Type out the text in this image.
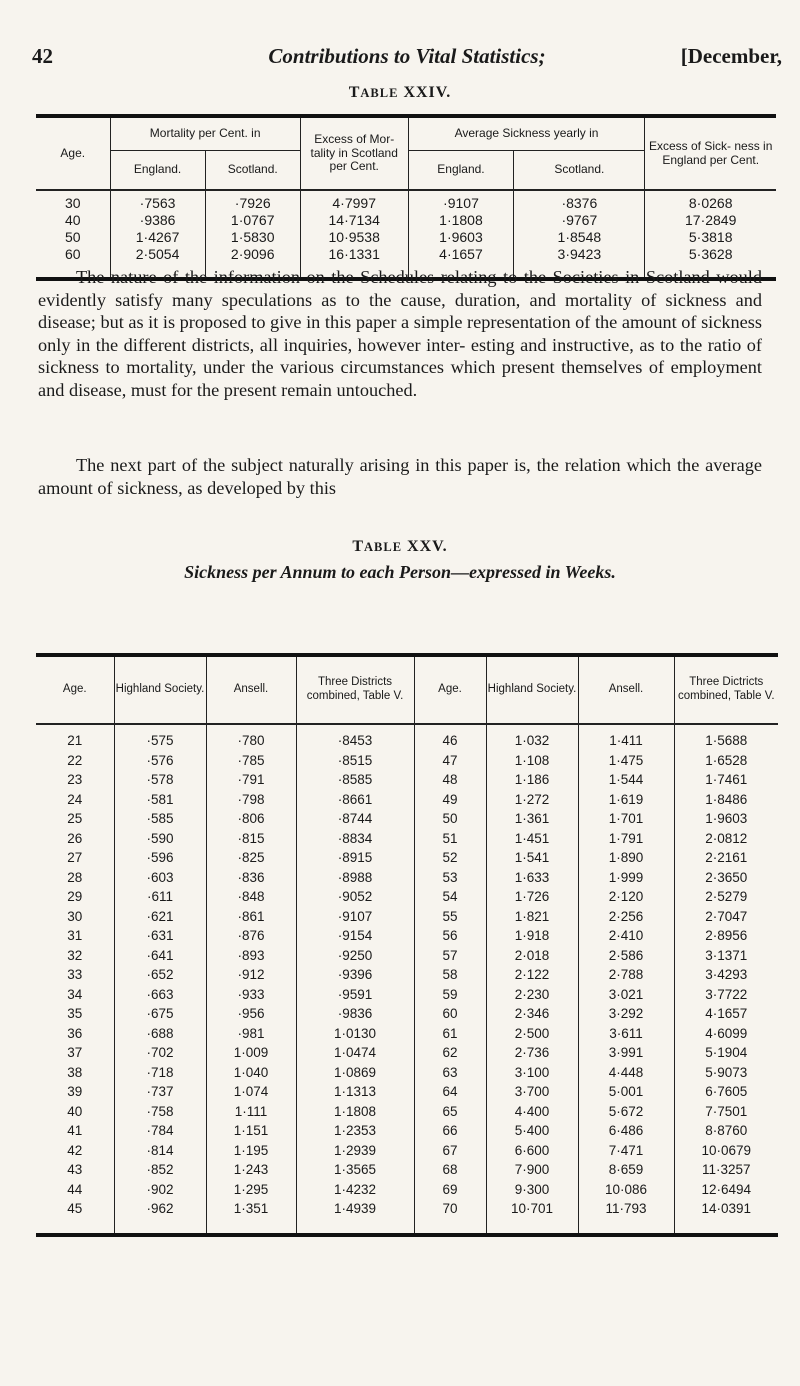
42	Contributions to Vital Statistics;	[December,
TABLE XXIV.
Age.	Mortality per Cent. in		Excess of Mor- tality in Scotland per Cent.	Average Sickness yearly in		Excess of Sick- ness in England per Cent.
	England.	Scotland.		England.	Scotland.	
30	·7563	·7926	4·7997	·9107	·8376	8·0268
40	·9386	1·0767	14·7134	1·1808	·9767	17·2849
50	1·4267	1·5830	10·9538	1·9603	1·8548	5·3818
60	2·5054	2·9096	16·1331	4·1657	3·9423	5·3628

The nature of the information on the Schedules relating to the Societies in Scotland would evidently satisfy many speculations as to the cause, duration, and mortality of sickness and disease; but as it is proposed to give in this paper a simple representation of the amount of sickness only in the different districts, all inquiries, however inter- esting and instructive, as to the ratio of sickness to mortality, under the various circumstances which present themselves of employment and disease, must for the present remain untouched.

The next part of the subject naturally arising in this paper is, the relation which the average amount of sickness, as developed by this

TABLE XXV.
Sickness per Annum to each Person—expressed in Weeks.
Age.	Highland Society.	Ansell.	Three Districts combined, Table V.	Age.	Highland Society.	Ansell.	Three Dictricts combined, Table V.
21	·575	·780	·8453	46	1·032	1·411	1·5688
22	·576	·785	·8515	47	1·108	1·475	1·6528
23	·578	·791	·8585	48	1·186	1·544	1·7461
24	·581	·798	·8661	49	1·272	1·619	1·8486
25	·585	·806	·8744	50	1·361	1·701	1·9603
26	·590	·815	·8834	51	1·451	1·791	2·0812
27	·596	·825	·8915	52	1·541	1·890	2·2161
28	·603	·836	·8988	53	1·633	1·999	2·3650
29	·611	·848	·9052	54	1·726	2·120	2·5279
30	·621	·861	·9107	55	1·821	2·256	2·7047
31	·631	·876	·9154	56	1·918	2·410	2·8956
32	·641	·893	·9250	57	2·018	2·586	3·1371
33	·652	·912	·9396	58	2·122	2·788	3·4293
34	·663	·933	·9591	59	2·230	3·021	3·7722
35	·675	·956	·9836	60	2·346	3·292	4·1657
36	·688	·981	1·0130	61	2·500	3·611	4·6099
37	·702	1·009	1·0474	62	2·736	3·991	5·1904
38	·718	1·040	1·0869	63	3·100	4·448	5·9073
39	·737	1·074	1·1313	64	3·700	5·001	6·7605
40	·758	1·111	1·1808	65	4·400	5·672	7·7501
41	·784	1·151	1·2353	66	5·400	6·486	8·8760
42	·814	1·195	1·2939	67	6·600	7·471	10·0679
43	·852	1·243	1·3565	68	7·900	8·659	11·3257
44	·902	1·295	1·4232	69	9·300	10·086	12·6494
45	·962	1·351	1·4939	70	10·701	11·793	14·0391
